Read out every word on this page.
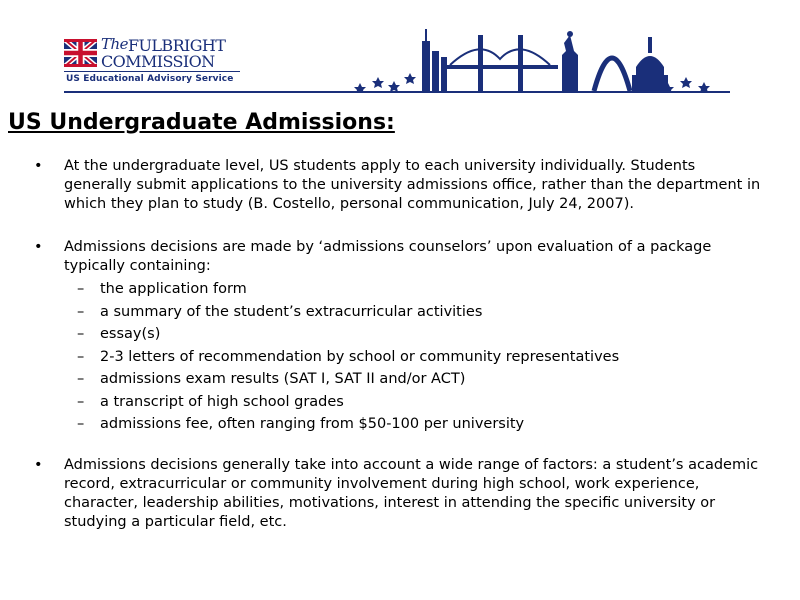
The FULBRIGHT
COMMISSION
US Educational Advisory Service
US Undergraduate Admissions:
• At the undergraduate level, US students apply to each university individually. Students generally submit applications to the university admissions office, rather than the department in which they plan to study (B. Costello, personal communication, July 24, 2007).
• Admissions decisions are made by ‘admissions counselors’ upon evaluation of a package typically containing:
– the application form
– a summary of the student’s extracurricular activities
– essay(s)
– 2-3 letters of recommendation by school or community representatives
– admissions exam results (SAT I, SAT II and/or ACT)
– a transcript of high school grades
– admissions fee, often ranging from $50-100 per university
• Admissions decisions generally take into account a wide range of factors: a student’s academic record, extracurricular or community involvement during high school, work experience, character, leadership abilities, motivations, interest in attending the specific university or studying a particular field, etc.
